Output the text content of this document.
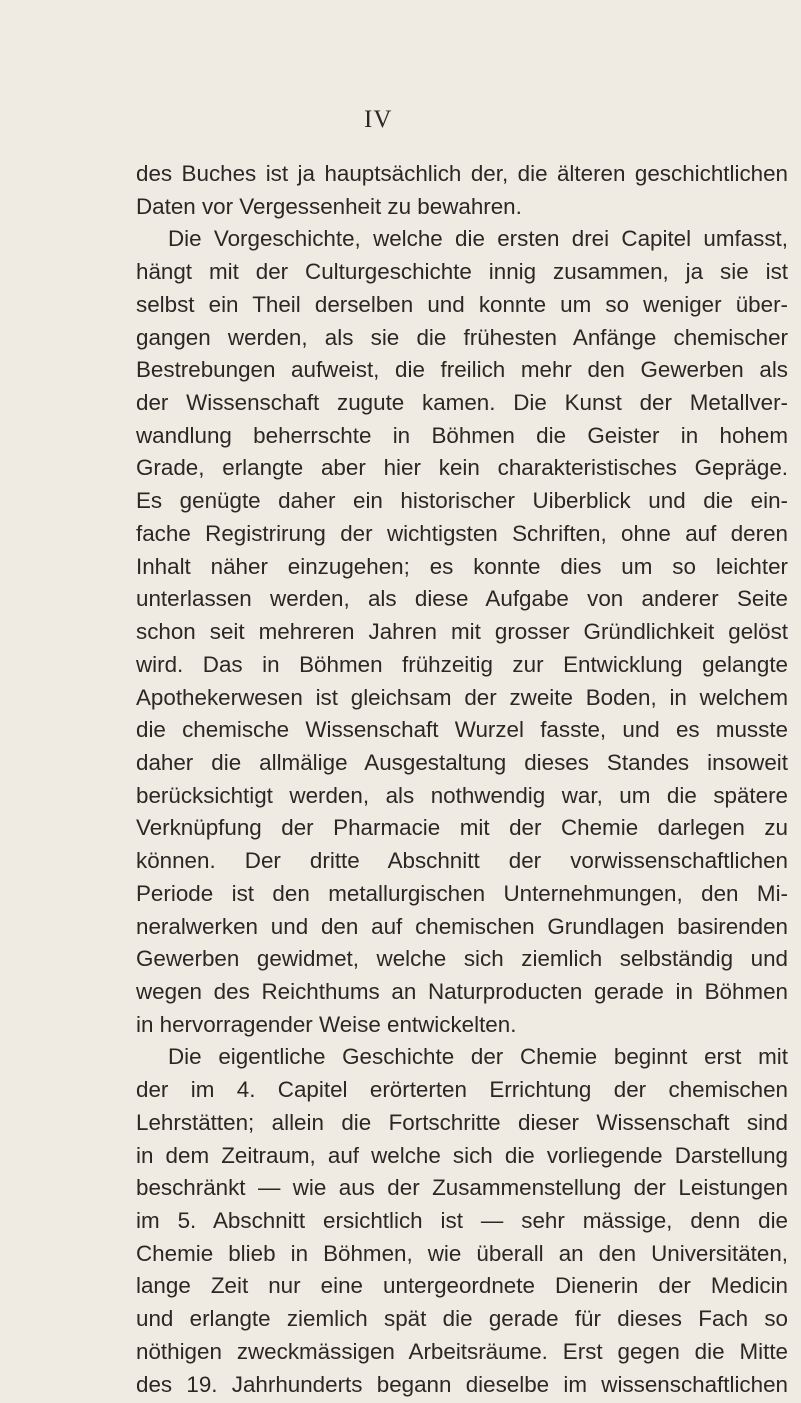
IV
des Buches ist ja hauptsächlich der, die älteren geschichtlichen
Daten vor Vergessenheit zu bewahren.
Die Vorgeschichte, welche die ersten drei Capitel umfasst,
hängt mit der Culturgeschichte innig zusammen, ja sie ist
selbst ein Theil derselben und konnte um so weniger über-
gangen werden, als sie die frühesten Anfänge chemischer
Bestrebungen aufweist, die freilich mehr den Gewerben als
der Wissenschaft zugute kamen. Die Kunst der Metallver-
wandlung beherrschte in Böhmen die Geister in hohem
Grade, erlangte aber hier kein charakteristisches Gepräge.
Es genügte daher ein historischer Uiberblick und die ein-
fache Registrirung der wichtigsten Schriften, ohne auf deren
Inhalt näher einzugehen; es konnte dies um so leichter
unterlassen werden, als diese Aufgabe von anderer Seite
schon seit mehreren Jahren mit grosser Gründlichkeit gelöst
wird. Das in Böhmen frühzeitig zur Entwicklung gelangte
Apothekerwesen ist gleichsam der zweite Boden, in welchem
die chemische Wissenschaft Wurzel fasste, und es musste
daher die allmälige Ausgestaltung dieses Standes insoweit
berücksichtigt werden, als nothwendig war, um die spätere
Verknüpfung der Pharmacie mit der Chemie darlegen zu
können. Der dritte Abschnitt der vorwissenschaftlichen
Periode ist den metallurgischen Unternehmungen, den Mi-
neralwerken und den auf chemischen Grundlagen basirenden
Gewerben gewidmet, welche sich ziemlich selbständig und
wegen des Reichthums an Naturproducten gerade in Böhmen
in hervorragender Weise entwickelten.
Die eigentliche Geschichte der Chemie beginnt erst mit
der im 4. Capitel erörterten Errichtung der chemischen
Lehrstätten; allein die Fortschritte dieser Wissenschaft sind
in dem Zeitraum, auf welche sich die vorliegende Darstellung
beschränkt — wie aus der Zusammenstellung der Leistungen
im 5. Abschnitt ersichtlich ist — sehr mässige, denn die
Chemie blieb in Böhmen, wie überall an den Universitäten,
lange Zeit nur eine untergeordnete Dienerin der Medicin
und erlangte ziemlich spät die gerade für dieses Fach so
nöthigen zweckmässigen Arbeitsräume. Erst gegen die Mitte
des 19. Jahrhunderts begann dieselbe im wissenschaftlichen
